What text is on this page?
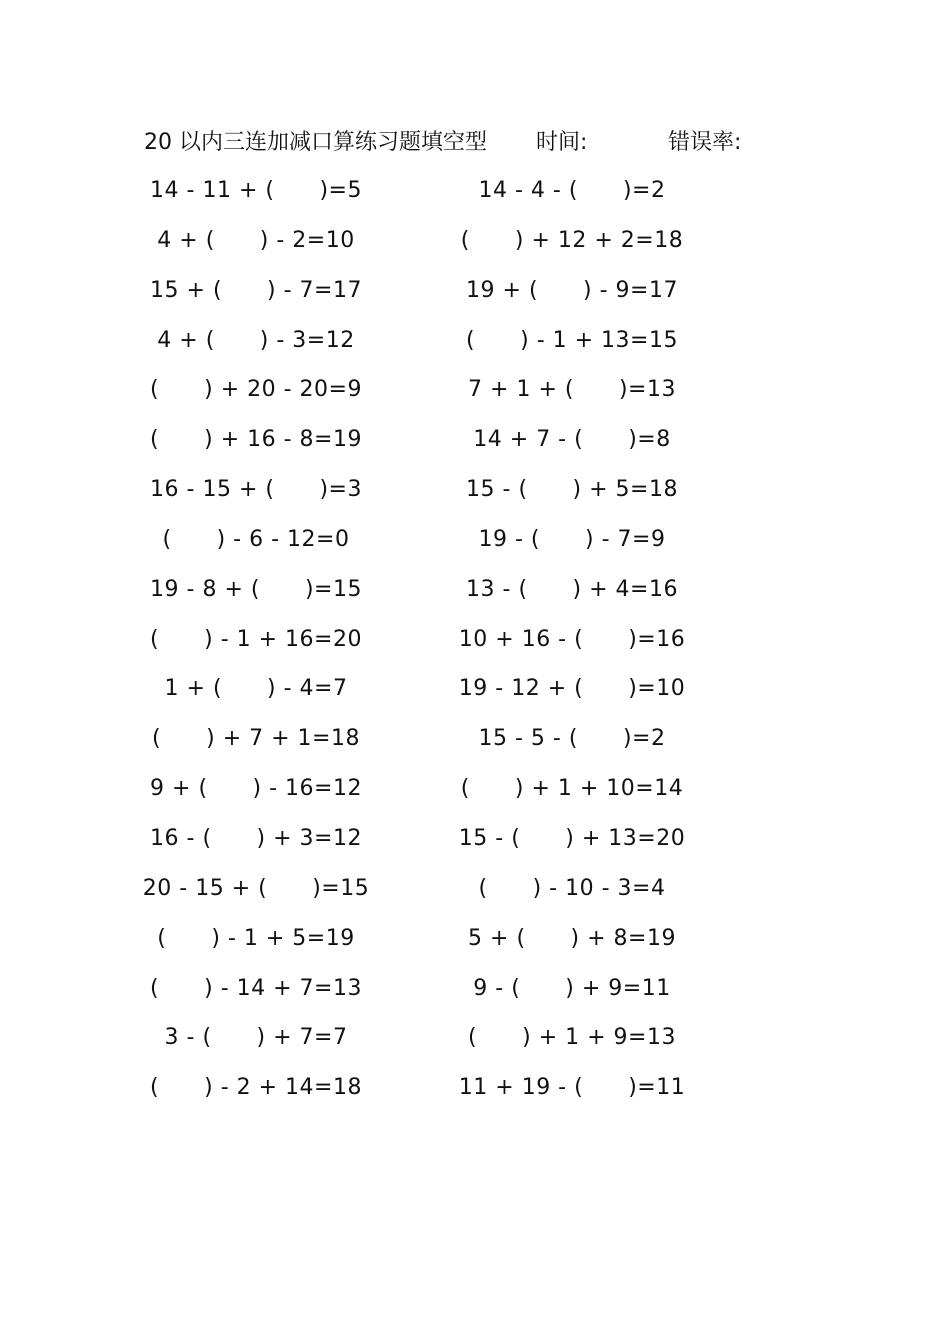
20 以内三连加减口算练习题填空型 时间:	错误率:
14 - 11 + (　　)=5	14 - 4 - (　　)=2
4 + (　　) - 2=10	(　　) + 12 + 2=18
15 + (　　) - 7=17	19 + (　　) - 9=17
4 + (　　) - 3=12	(　　) - 1 + 13=15
(　　) + 20 - 20=9	7 + 1 + (　　)=13
(　　) + 16 - 8=19	14 + 7 - (　　)=8
16 - 15 + (　　)=3	15 - (　　) + 5=18
(　　) - 6 - 12=0	19 - (　　) - 7=9
19 - 8 + (　　)=15	13 - (　　) + 4=16
(　　) - 1 + 16=20	10 + 16 - (　　)=16
1 + (　　) - 4=7	19 - 12 + (　　)=10
(　　) + 7 + 1=18	15 - 5 - (　　)=2
9 + (　　) - 16=12	(　　) + 1 + 10=14
16 - (　　) + 3=12	15 - (　　) + 13=20
20 - 15 + (　　)=15	(　　) - 10 - 3=4
(　　) - 1 + 5=19	5 + (　　) + 8=19
(　　) - 14 + 7=13	9 - (　　) + 9=11
3 - (　　) + 7=7	(　　) + 1 + 9=13
(　　) - 2 + 14=18	11 + 19 - (　　)=11
